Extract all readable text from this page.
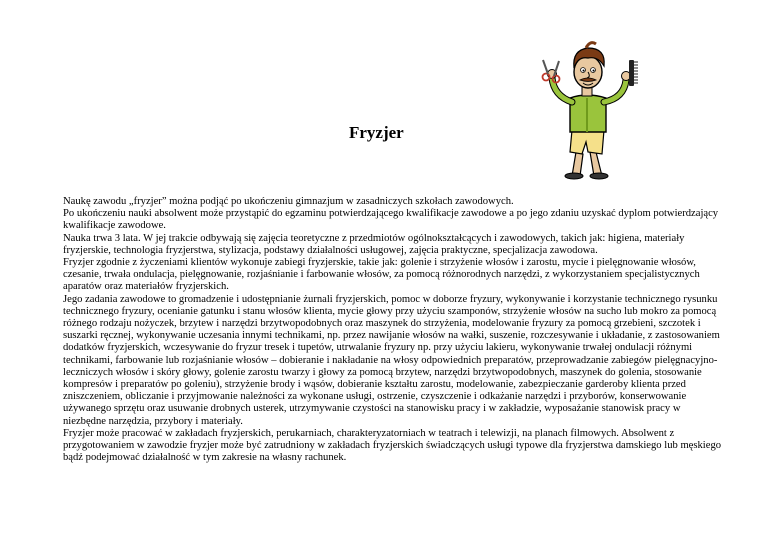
Fryzjer

Naukę zawodu „fryzjer” można podjąć po ukończeniu gimnazjum w zasadniczych szkołach zawodowych.

Po ukończeniu nauki absolwent może przystąpić do egzaminu potwierdzającego kwalifikacje zawodowe a po jego zdaniu uzyskać dyplom potwierdzający kwalifikacje zawodowe.

Nauka trwa 3 lata. W jej trakcie odbywają się zajęcia teoretyczne z przedmiotów ogólnokształcących i zawodowych, takich jak: higiena, materiały fryzjerskie, technologia fryzjerstwa, stylizacja, podstawy działalności usługowej, zajęcia praktyczne, specjalizacja zawodowa.

Fryzjer zgodnie z życzeniami klientów wykonuje zabiegi fryzjerskie, takie jak: golenie i strzyżenie włosów i zarostu, mycie i pielęgnowanie włosów, czesanie, trwała ondulacja, pielęgnowanie, rozjaśnianie i farbowanie włosów, za pomocą różnorodnych narzędzi, z wykorzystaniem specjalistycznych aparatów oraz materiałów fryzjerskich.

Jego zadania zawodowe to gromadzenie i udostępnianie żurnali fryzjerskich, pomoc w doborze fryzury, wykonywanie i korzystanie technicznego rysunku technicznego fryzury, ocenianie gatunku i stanu włosów klienta, mycie głowy przy użyciu szamponów, strzyżenie włosów na sucho lub mokro za pomocą różnego rodzaju nożyczek, brzytew i narzędzi brzytwopodobnych oraz maszynek do strzyżenia, modelowanie fryzury za pomocą grzebieni, szczotek i suszarki ręcznej, wykonywanie uczesania innymi technikami, np. przez nawijanie włosów na wałki, suszenie, rozczesywanie i układanie, z zastosowaniem dodatków fryzjerskich, wczesywanie do fryzur tresek i tupetów, utrwalanie fryzury np. przy użyciu lakieru, wykonywanie trwałej ondulacji różnymi technikami, farbowanie lub rozjaśnianie włosów – dobieranie i nakładanie na włosy odpowiednich preparatów, przeprowadzanie zabiegów pielęgnacyjno-leczniczych włosów i skóry głowy, golenie zarostu twarzy i głowy za pomocą brzytew, narzędzi brzytwopodobnych, maszynek do golenia, stosowanie kompresów i preparatów po goleniu), strzyżenie brody i wąsów, dobieranie kształtu zarostu, modelowanie, zabezpieczanie garderoby klienta przed zniszczeniem, obliczanie i przyjmowanie należności za wykonane usługi, ostrzenie, czyszczenie i odkażanie narzędzi i przyborów, konserwowanie używanego sprzętu oraz usuwanie drobnych usterek, utrzymywanie czystości na stanowisku pracy i w zakładzie, wyposażanie stanowisk pracy w niezbędne narzędzia, przybory i materiały.

Fryzjer może pracować w zakładach fryzjerskich, perukarniach, charakteryzatorniach w teatrach i telewizji, na planach filmowych. Absolwent z przygotowaniem w zawodzie fryzjer może być zatrudniony w zakładach fryzjerskich świadczących usługi typowe dla fryzjerstwa damskiego lub męskiego bądź podejmować działalność w tym zakresie na własny rachunek.
